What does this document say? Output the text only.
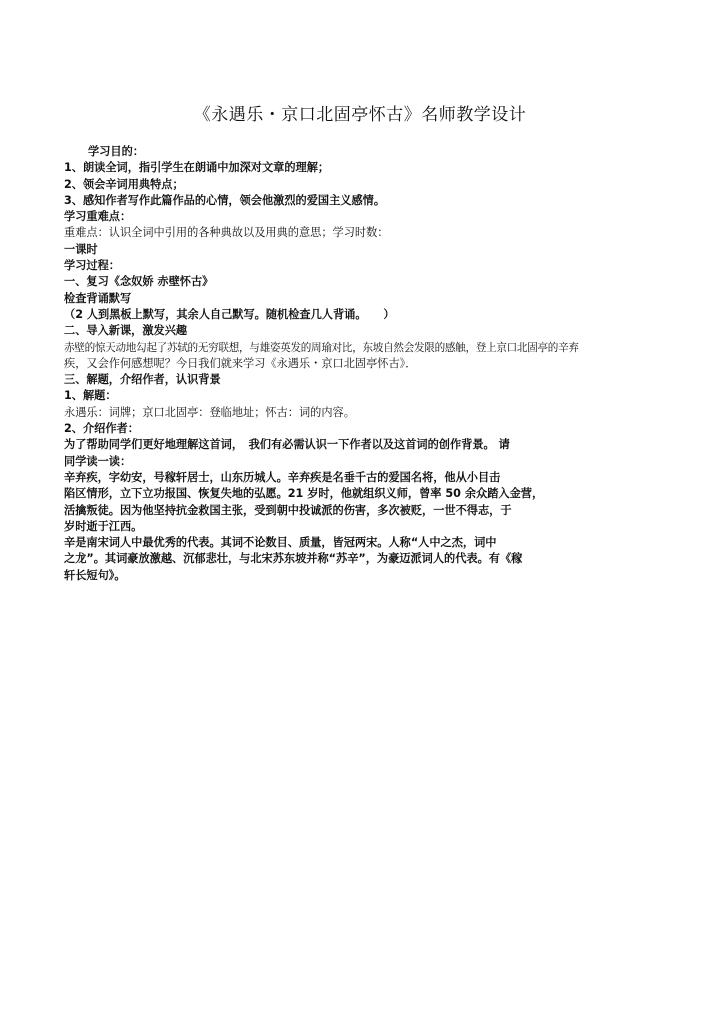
《永遇乐・京口北固亭怀古》名师教学设计
学习目的：
1、朗读全词，指引学生在朗诵中加深对文章的理解；
2、领会辛词用典特点；
3、感知作者写作此篇作品的心情，领会他激烈的爱国主义感情。
学习重难点：
重难点：认识全词中引用的各种典故以及用典的意思；学习时数：
一课时
学习过程：
一、复习《念奴娇 赤壁怀古》
检查背诵默写
（2 人到黑板上默写，其余人自己默写。随机检查几人背诵。　　）
二、导入新课，激发兴趣
赤壁的惊天动地勾起了苏轼的无穷联想，与雄姿英发的周瑜对比，东坡自然会发限的感触，登上京口北固亭的辛弃
疾，又会作何感想呢？今日我们就来学习《永遇乐・京口北固亭怀古》．
三、解题，介绍作者，认识背景
1、解题：
永遇乐：词牌；京口北固亭：登临地址；怀古：词的内容。
2、介绍作者：
为了帮助同学们更好地理解这首词，　我们有必需认识一下作者以及这首词的创作背景。 请
同学读一读：
辛弃疾，字幼安，号稼轩居士，山东历城人。辛弃疾是名垂千古的爱国名将，他从小目击
陷区情形，立下立功报国、恢复失地的弘愿。21 岁时，他就组织义师，曾率 50 余众踏入金营，
活擒叛徒。因为他坚持抗金救国主张，受到朝中投诚派的伤害，多次被贬，一世不得志，于
岁时逝于江西。
辛是南宋词人中最优秀的代表。其词不论数目、质量，皆冠两宋。人称“人中之杰，词中
之龙”。其词豪放激越、沉郁悲壮，与北宋苏东坡并称“苏辛”，为豪迈派词人的代表。有《稼
轩长短句》。
